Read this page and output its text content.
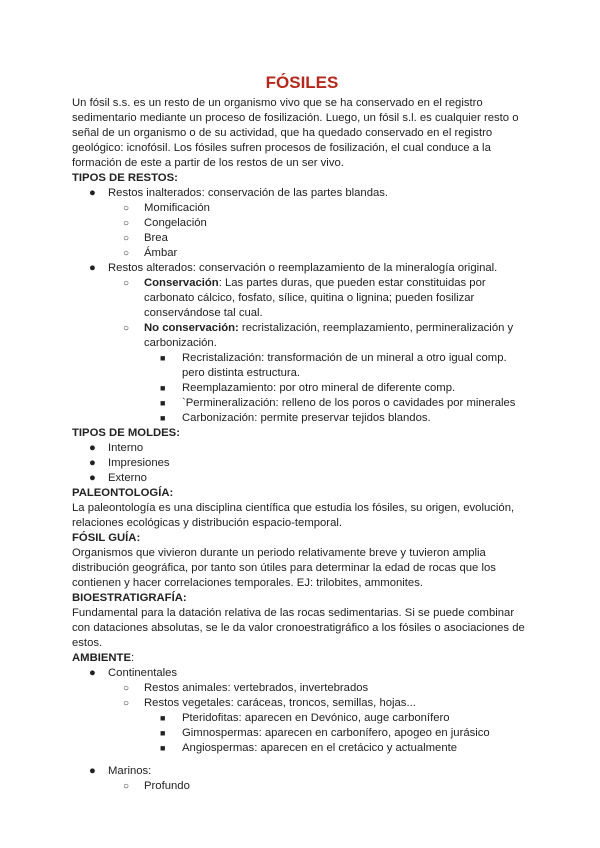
FÓSILES

Un fósil s.s. es un resto de un organismo vivo que se ha conservado en el registro sedimentario mediante un proceso de fosilización. Luego, un fósil s.l. es cualquier resto o señal de un organismo o de su actividad, que ha quedado conservado en el registro geológico: icnofósil. Los fósiles sufren procesos de fosilización, el cual conduce a la formación de este a partir de los restos de un ser vivo.

TIPOS DE RESTOS:
● Restos inalterados: conservación de las partes blandas.
○ Momificación
○ Congelación
○ Brea
○ Ámbar
● Restos alterados: conservación o reemplazamiento de la mineralogía original.
○ Conservación: Las partes duras, que pueden estar constituidas por carbonato cálcico, fosfato, sílice, quitina o lignina; pueden fosilizar conservándose tal cual.
○ No conservación: recristalización, reemplazamiento, permineralización y carbonización.
■ Recristalización: transformación de un mineral a otro igual comp. pero distinta estructura.
■ Reemplazamiento: por otro mineral de diferente comp.
■ `Permineralización: relleno de los poros o cavidades por minerales
■ Carbonización: permite preservar tejidos blandos.
TIPOS DE MOLDES:
● Interno
● Impresiones
● Externo
PALEONTOLOGÍA:

La paleontología es una disciplina científica que estudia los fósiles, su origen, evolución, relaciones ecológicas y distribución espacio-temporal.

FÓSIL GUÍA:

Organismos que vivieron durante un periodo relativamente breve y tuvieron amplia distribución geográfica, por tanto son útiles para determinar la edad de rocas que los contienen y hacer correlaciones temporales. EJ: trilobites, ammonites.

BIOESTRATIGRAFÍA:

Fundamental para la datación relativa de las rocas sedimentarias. Si se puede combinar con dataciones absolutas, se le da valor cronoestratigráfico a los fósiles o asociaciones de estos.

AMBIENTE:
● Continentales
○ Restos animales: vertebrados, invertebrados
○ Restos vegetales: caráceas, troncos, semillas, hojas...
■ Pteridofitas: aparecen en Devónico, auge carbonífero
■ Gimnospermas: aparecen en carbonífero, apogeo en jurásico
■ Angiospermas: aparecen en el cretácico y actualmente
● Marinos:
○ Profundo
